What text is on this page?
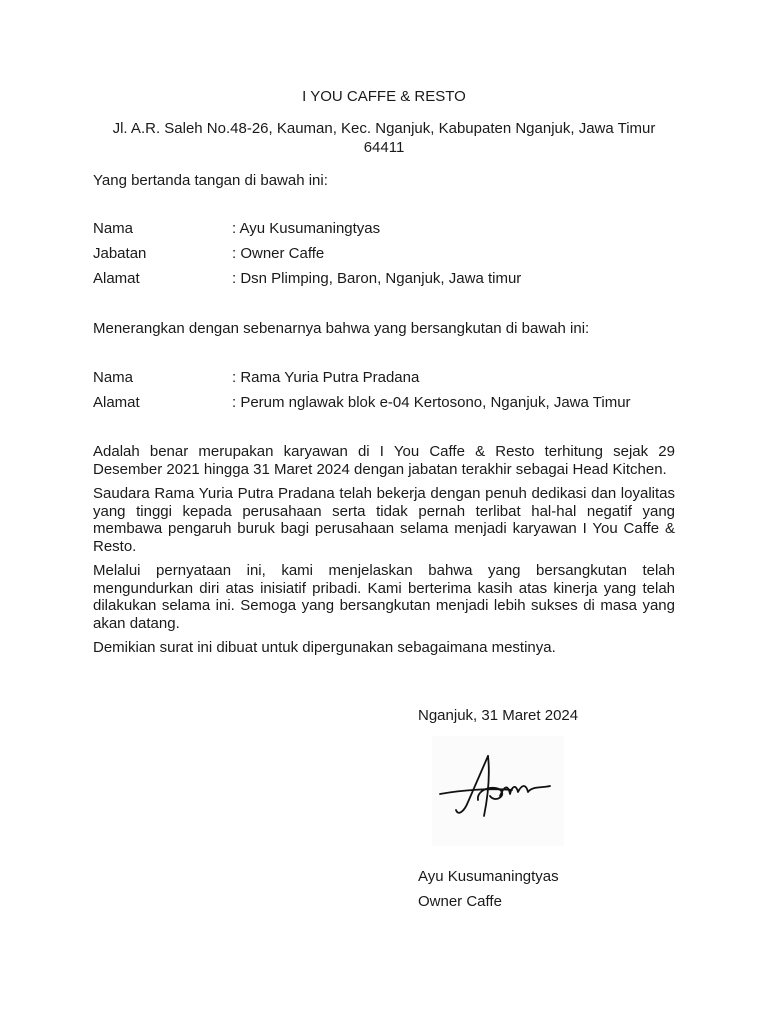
I YOU CAFFE & RESTO

Jl. A.R. Saleh No.48-26, Kauman, Kec. Nganjuk, Kabupaten Nganjuk, Jawa Timur 64411

Yang bertanda tangan di bawah ini:

Nama	: Ayu Kusumaningtyas
Jabatan	: Owner Caffe
Alamat	: Dsn Plimping, Baron, Nganjuk, Jawa timur

Menerangkan dengan sebenarnya bahwa yang bersangkutan di bawah ini:

Nama	: Rama Yuria Putra Pradana
Alamat	: Perum nglawak blok e-04 Kertosono, Nganjuk, Jawa Timur

Adalah benar merupakan karyawan di I You Caffe & Resto terhitung sejak 29 Desember 2021 hingga 31 Maret 2024 dengan jabatan terakhir sebagai Head Kitchen.

Saudara Rama Yuria Putra Pradana telah bekerja dengan penuh dedikasi dan loyalitas yang tinggi kepada perusahaan serta tidak pernah terlibat hal-hal negatif yang membawa pengaruh buruk bagi perusahaan selama menjadi karyawan I You Caffe & Resto.

Melalui pernyataan ini, kami menjelaskan bahwa yang bersangkutan telah mengundurkan diri atas inisiatif pribadi. Kami berterima kasih atas kinerja yang telah dilakukan selama ini. Semoga yang bersangkutan menjadi lebih sukses di masa yang akan datang.

Demikian surat ini dibuat untuk dipergunakan sebagaimana mestinya.

Nganjuk, 31 Maret 2024

Ayu Kusumaningtyas
Owner Caffe
